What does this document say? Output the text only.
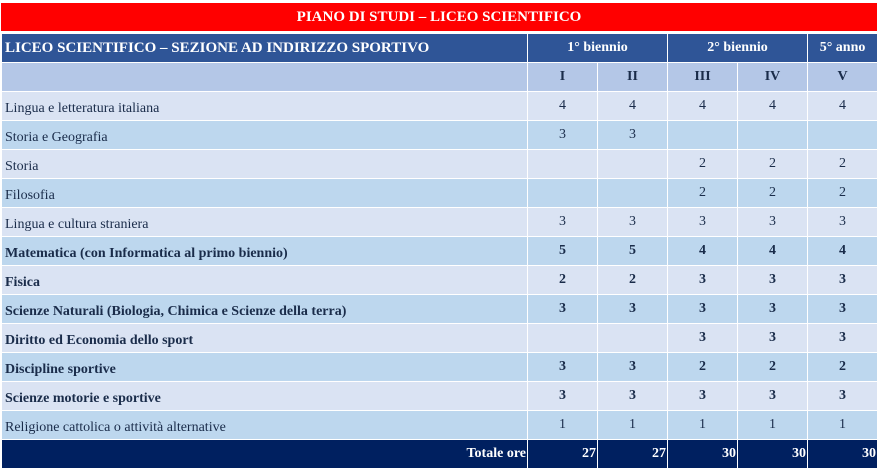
PIANO DI STUDI – LICEO SCIENTIFICO
LICEO SCIENTIFICO – SEZIONE AD INDIRIZZO SPORTIVO	1° biennio		2° biennio		5° anno
	I	II	III	IV	V
Lingua e letteratura italiana	4	4	4	4	4
Storia e Geografia	3	3			
Storia			2	2	2
Filosofia			2	2	2
Lingua e cultura straniera	3	3	3	3	3
Matematica (con Informatica al primo biennio)	5	5	4	4	4
Fisica	2	2	3	3	3
Scienze Naturali (Biologia, Chimica e Scienze della terra)	3	3	3	3	3
Diritto ed Economia dello sport			3	3	3
Discipline sportive	3	3	2	2	2
Scienze motorie e sportive	3	3	3	3	3
Religione cattolica o attività alternative	1	1	1	1	1
Totale ore	27	27	30	30	30
